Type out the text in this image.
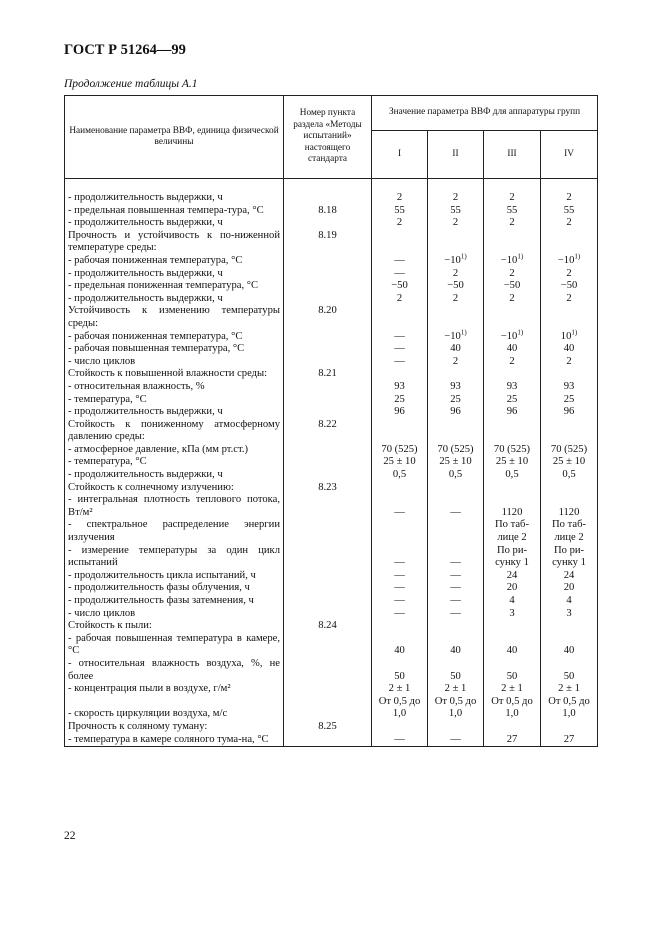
ГОСТ Р 51264—99
Продолжение таблицы А.1
Наименование параметра ВВФ, единица физической величины	Номер пункта раздела «Методы испытаний» настоящего стандарта	Значение параметра ВВФ для аппаратуры групп			
		I	II	III	IV

- продолжительность выдержки, ч		2	2	2	2
- предельная повышенная темпера-тура, °С	8.18	55	55	55	55
- продолжительность выдержки, ч		2	2	2	2
Прочность и устойчивость к по-ниженной температуре среды:	8.19				
- рабочая пониженная температура, °С		—	$-10^{1)}$	$-10^{1)}$	$-10^{1)}$
- продолжительность выдержки, ч		—	2	2	2
- предельная пониженная температура, °С		−50	−50	−50	−50
- продолжительность выдержки, ч		2	2	2	2
Устойчивость к изменению температуры среды:	8.20				
- рабочая пониженная температура, °С		—	$-10^{1)}$	$-10^{1)}$	10$^{1)}$
- рабочая повышенная температура, °С		—	40	40	40
- число циклов		—	2	2	2
Стойкость к повышенной влажности среды:	8.21				
- относительная влажность, %		93	93	93	93
- температура, °С		25	25	25	25
- продолжительность выдержки, ч		96	96	96	96
Стойкость к пониженному атмосферному давлению среды:	8.22				
- атмосферное давление, кПа (мм рт.ст.)		70 (525)	70 (525)	70 (525)	70 (525)
- температура, °С		25 ± 10	25 ± 10	25 ± 10	25 ± 10
- продолжительность выдержки, ч		0,5	0,5	0,5	0,5
Стойкость к солнечному излучению:	8.23				
- интегральная плотность теплового потока, Вт/м²		—	—	1120	1120
- спектральное распределение энергии излучения				По таб-лице 2	По таб-лице 2
- измерение температуры за один цикл испытаний		—	—	По ри-сунку 1	По ри-сунку 1
- продолжительность цикла испытаний, ч		—	—	24	24
- продолжительность фазы облучения, ч		—	—	20	20
- продолжительность фазы затемнения, ч		—	—	4	4
- число циклов		—	—	3	3
Стойкость к пыли:	8.24				
- рабочая повышенная температура в камере, °С		40	40	40	40
- относительная влажность воздуха, %, не более		50	50	50	50
- концентрация пыли в воздухе, г/м²		2 ± 1	2 ± 1	2 ± 1	2 ± 1
- скорость циркуляции воздуха, м/с		От 0,5 до 1,0	От 0,5 до 1,0	От 0,5 до 1,0	От 0,5 до 1,0
Прочность к соляному туману:	8.25				
- температура в камере соляного тума-на, °С		—	—	27	27
22
